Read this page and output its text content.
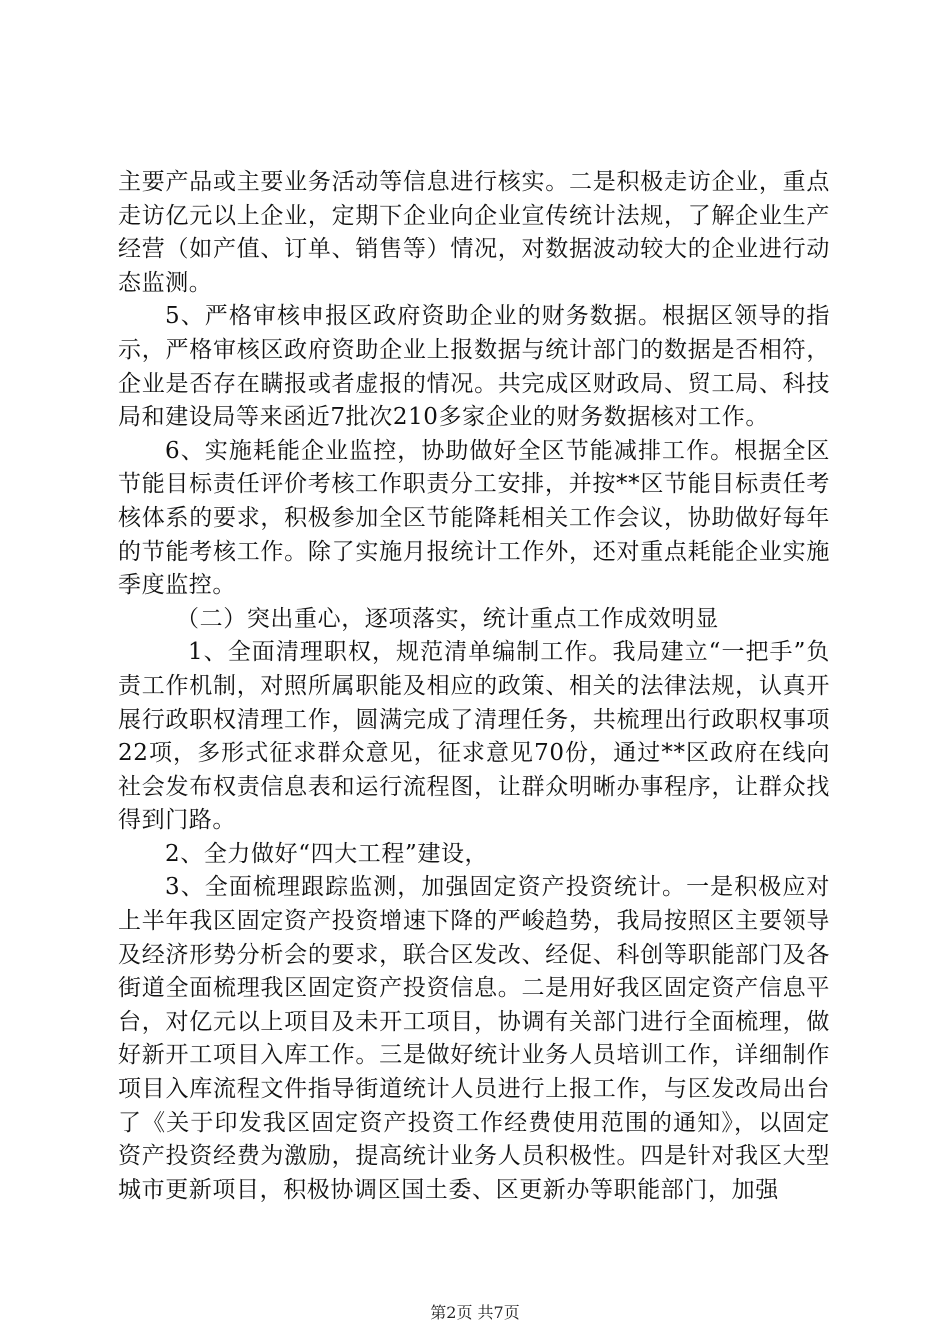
主要产品或主要业务活动等信息进行核实。二是积极走访企业，重点走访亿元以上企业，定期下企业向企业宣传统计法规，了解企业生产经营（如产值、订单、销售等）情况，对数据波动较大的企业进行动态监测。

5、严格审核申报区政府资助企业的财务数据。根据区领导的指示，严格审核区政府资助企业上报数据与统计部门的数据是否相符，企业是否存在瞒报或者虚报的情况。共完成区财政局、贸工局、科技局和建设局等来函近7批次210多家企业的财务数据核对工作。

6、实施耗能企业监控，协助做好全区节能减排工作。根据全区节能目标责任评价考核工作职责分工安排，并按**区节能目标责任考核体系的要求，积极参加全区节能降耗相关工作会议，协助做好每年的节能考核工作。除了实施月报统计工作外，还对重点耗能企业实施季度监控。

（二）突出重心，逐项落实，统计重点工作成效明显

1、全面清理职权，规范清单编制工作。我局建立“一把手”负责工作机制，对照所属职能及相应的政策、相关的法律法规，认真开展行政职权清理工作，圆满完成了清理任务，共梳理出行政职权事项22项，多形式征求群众意见，征求意见70份，通过**区政府在线向社会发布权责信息表和运行流程图，让群众明晰办事程序，让群众找得到门路。

2、全力做好“四大工程”建设，

3、全面梳理跟踪监测，加强固定资产投资统计。一是积极应对上半年我区固定资产投资增速下降的严峻趋势，我局按照区主要领导及经济形势分析会的要求，联合区发改、经促、科创等职能部门及各街道全面梳理我区固定资产投资信息。二是用好我区固定资产信息平台，对亿元以上项目及未开工项目，协调有关部门进行全面梳理，做好新开工项目入库工作。三是做好统计业务人员培训工作，详细制作项目入库流程文件指导街道统计人员进行上报工作，与区发改局出台了《关于印发我区固定资产投资工作经费使用范围的通知》，以固定资产投资经费为激励，提高统计业务人员积极性。四是针对我区大型城市更新项目，积极协调区国土委、区更新办等职能部门，加强

第2页 共7页
